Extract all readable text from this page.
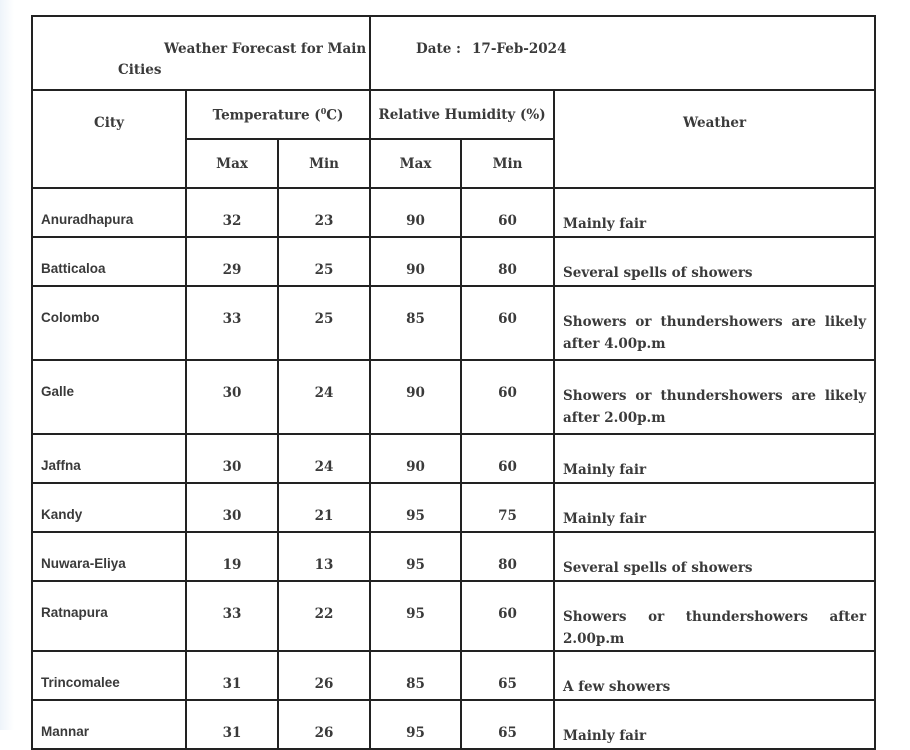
Weather Forecast for Main
Cities			Date : 17-Feb-2024		

City	Temperature ($^0$C)		Relative Humidity (%)		Weather
	Max	Min	Max	Min	
Anuradhapura	32	23	90	60	Mainly fair
Batticaloa	29	25	90	80	Several spells of showers
Colombo	33	25	85	60	Showers or thundershowers are likely after 4.00p.m
Galle	30	24	90	60	Showers or thundershowers are likely after 2.00p.m
Jaffna	30	24	90	60	Mainly fair
Kandy	30	21	95	75	Mainly fair
Nuwara-Eliya	19	13	95	80	Several spells of showers
Ratnapura	33	22	95	60	Showers or thundershowers after 2.00p.m
Trincomalee	31	26	85	65	A few showers
Mannar	31	26	95	65	Mainly fair
